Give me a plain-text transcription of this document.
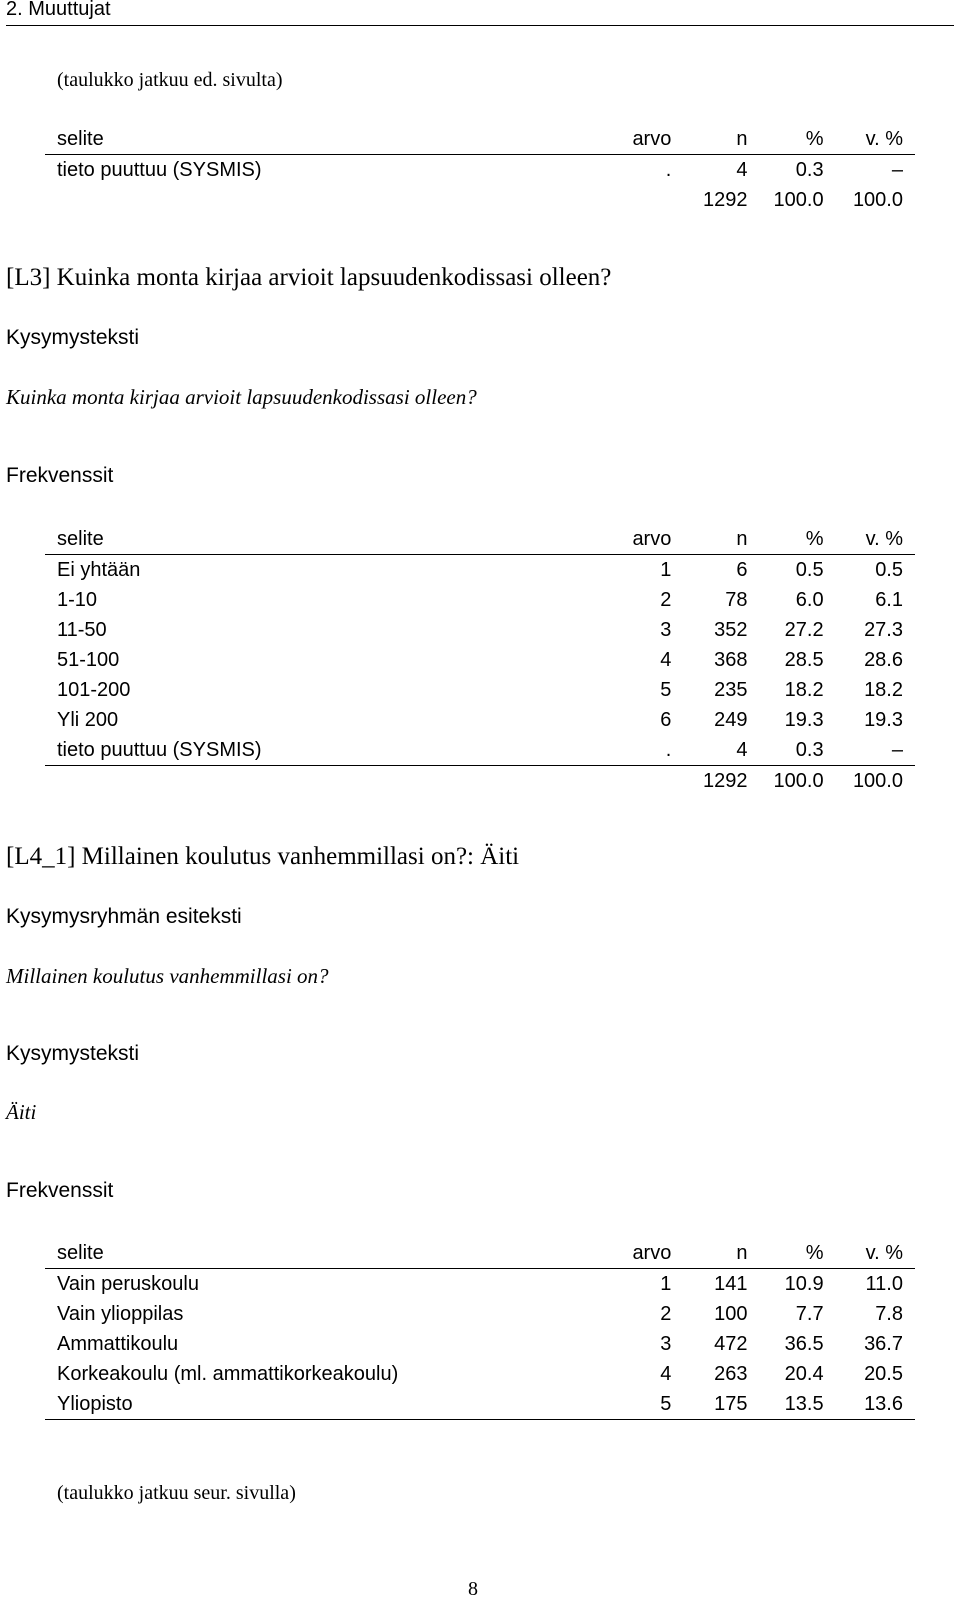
2. Muuttujat
(taulukko jatkuu ed. sivulta)
selite	arvo	n	%	v. %
tieto puuttuu (SYSMIS)	.	4	0.3	–
		1292	100.0	100.0
[L3] Kuinka monta kirjaa arvioit lapsuudenkodissasi olleen?
Kysymysteksti
Kuinka monta kirjaa arvioit lapsuudenkodissasi olleen?
Frekvenssit
selite	arvo	n	%	v. %
Ei yhtään	1	6	0.5	0.5
1-10	2	78	6.0	6.1
11-50	3	352	27.2	27.3
51-100	4	368	28.5	28.6
101-200	5	235	18.2	18.2
Yli 200	6	249	19.3	19.3
tieto puuttuu (SYSMIS)	.	4	0.3	–
		1292	100.0	100.0
[L4_1] Millainen koulutus vanhemmillasi on?: Äiti
Kysymysryhmän esiteksti
Millainen koulutus vanhemmillasi on?
Kysymysteksti
Äiti
Frekvenssit
selite	arvo	n	%	v. %
Vain peruskoulu	1	141	10.9	11.0
Vain ylioppilas	2	100	7.7	7.8
Ammattikoulu	3	472	36.5	36.7
Korkeakoulu (ml. ammattikorkeakoulu)	4	263	20.4	20.5
Yliopisto	5	175	13.5	13.6
(taulukko jatkuu seur. sivulla)
8
